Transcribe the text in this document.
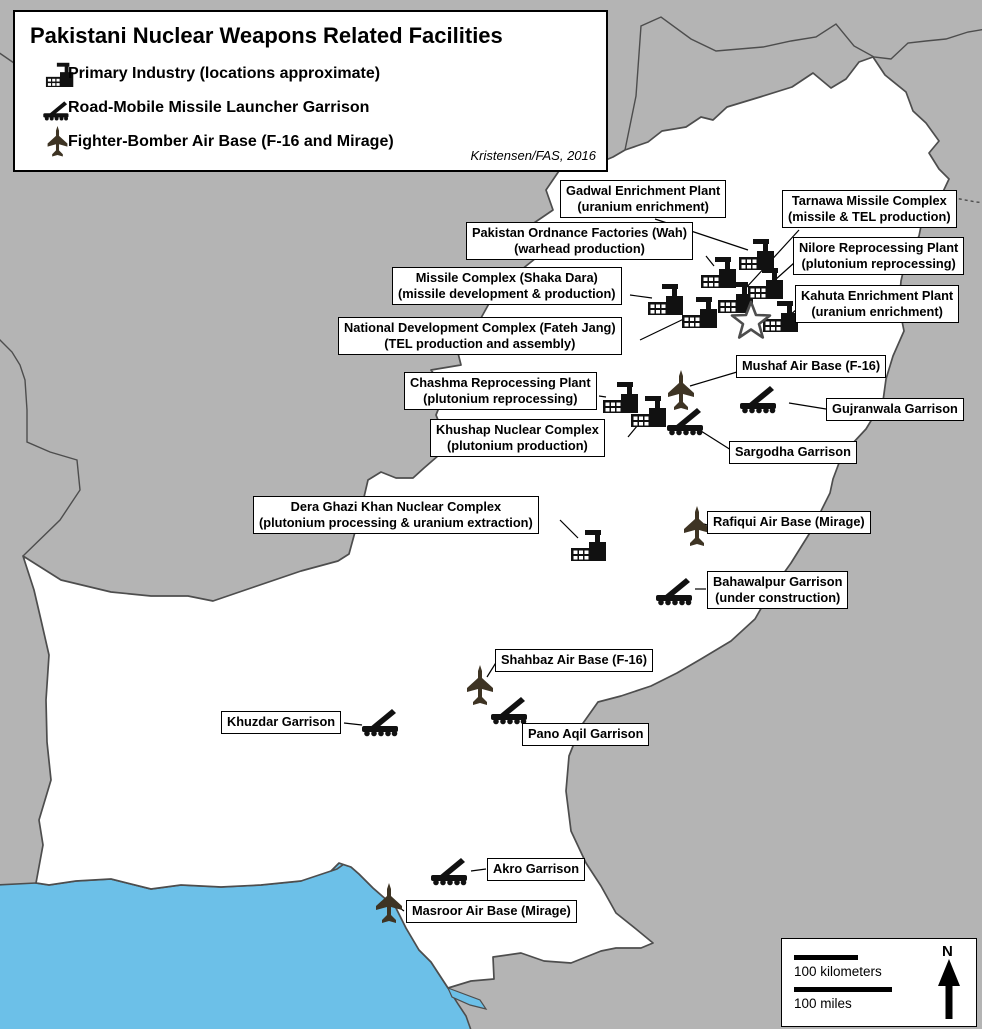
Gadwal Enrichment Plant
(uranium enrichment)	Tarnawa Missile Complex
(missile & TEL production)
Pakistan Ordnance Factories (Wah)
(warhead production)	Nilore Reprocessing Plant
(plutonium reprocessing)
Missile Complex (Shaka Dara)
(missile development & production)	Kahuta Enrichment Plant
(uranium enrichment)
National Development Complex (Fateh Jang)
(TEL production and assembly)
Mushaf Air Base (F-16)
Chashma Reprocessing Plant
(plutonium reprocessing)
Gujranwala Garrison
Khushap Nuclear Complex
(plutonium production)	Sargodha Garrison
Dera Ghazi Khan Nuclear Complex
(plutonium processing & uranium extraction)	Rafiqui Air Base (Mirage)
Bahawalpur Garrison
(under construction)
Shahbaz Air Base (F-16)
Khuzdar Garrison
Pano Aqil Garrison
Akro Garrison
Masroor Air Base (Mirage)
Pakistani Nuclear Weapons Related Facilities
Primary Industry (locations approximate)
Road-Mobile Missile Launcher Garrison
Fighter-Bomber Air Base (F-16 and Mirage)
Kristensen/FAS, 2016
100 kilometers
100 miles
N
